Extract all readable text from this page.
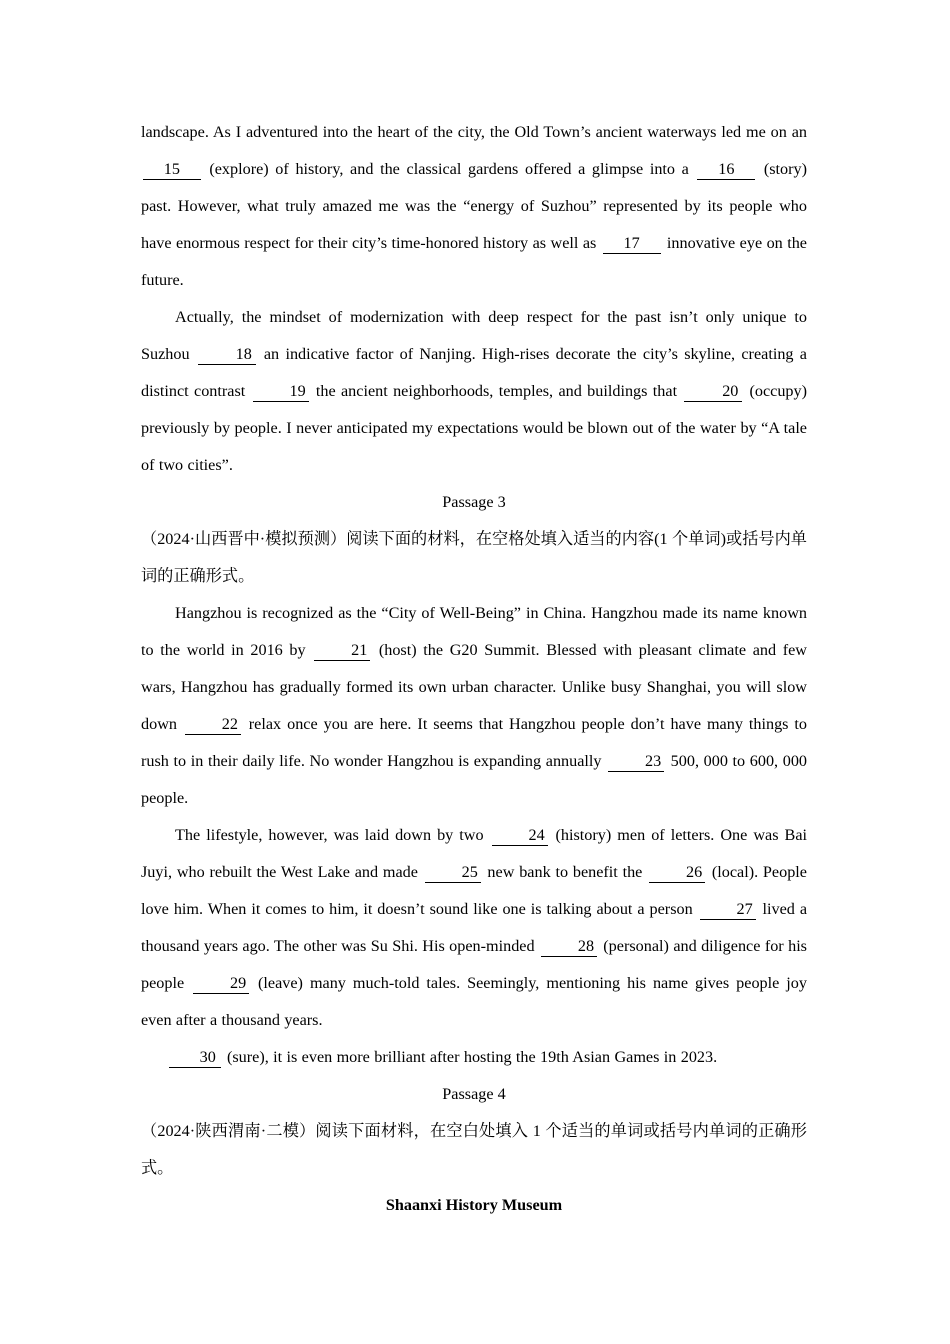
landscape. As I adventured into the heart of the city, the Old Town’s ancient waterways led me on an 15 (explore) of history, and the classical gardens offered a glimpse into a 16 (story) past. However, what truly amazed me was the “energy of Suzhou” represented by its people who have enormous respect for their city’s time-honored history as well as 17 innovative eye on the future.

Actually, the mindset of modernization with deep respect for the past isn’t only unique to Suzhou 18 an indicative factor of Nanjing. High-rises decorate the city’s skyline, creating a distinct contrast 19 the ancient neighborhoods, temples, and buildings that 20 (occupy) previously by people. I never anticipated my expectations would be blown out of the water by “A tale of two cities”.

Passage 3

（2024·山西晋中·模拟预测）阅读下面的材料，在空格处填入适当的内容(1 个单词)或括号内单词的正确形式。

Hangzhou is recognized as the “City of Well-Being” in China. Hangzhou made its name known to the world in 2016 by 21 (host) the G20 Summit. Blessed with pleasant climate and few wars, Hangzhou has gradually formed its own urban character. Unlike busy Shanghai, you will slow down 22 relax once you are here. It seems that Hangzhou people don’t have many things to rush to in their daily life. No wonder Hangzhou is expanding annually 23 500, 000 to 600, 000 people.

The lifestyle, however, was laid down by two 24 (history) men of letters. One was Bai Juyi, who rebuilt the West Lake and made 25 new bank to benefit the 26 (local). People love him. When it comes to him, it doesn’t sound like one is talking about a person 27 lived a thousand years ago. The other was Su Shi. His open-minded 28 (personal) and diligence for his people 29 (leave) many much-told tales. Seemingly, mentioning his name gives people joy even after a thousand years.

30 (sure), it is even more brilliant after hosting the 19th Asian Games in 2023.

Passage 4

（2024·陕西渭南·二模）阅读下面材料，在空白处填入 1 个适当的单词或括号内单词的正确形式。

Shaanxi History Museum
